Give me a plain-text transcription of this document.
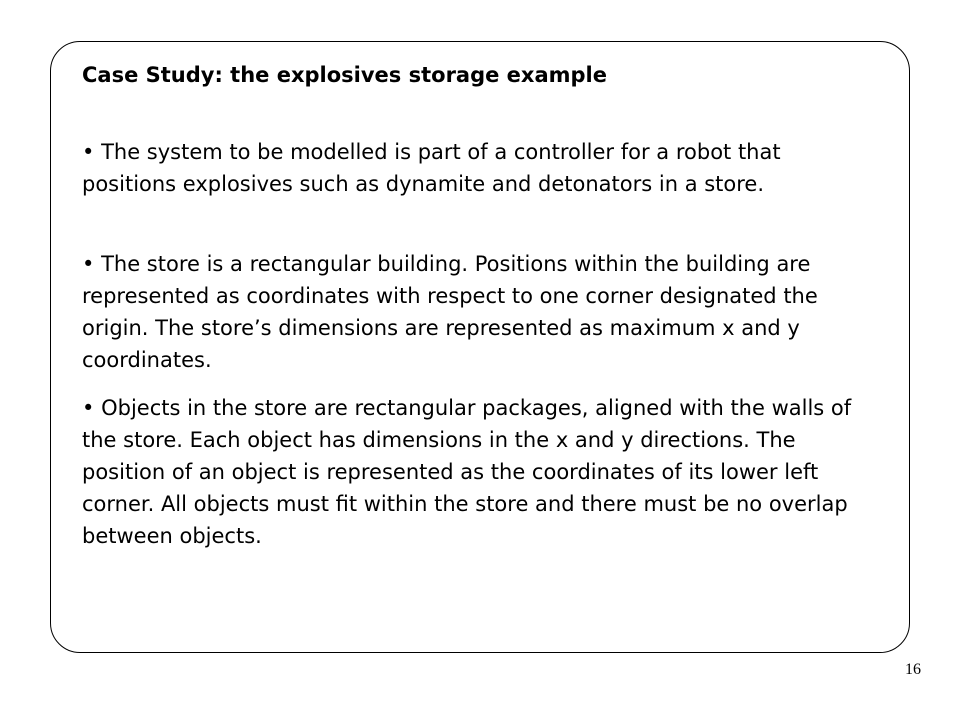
Case Study: the explosives storage example

• The system to be modelled is part of a controller for a robot that positions explosives such as dynamite and detonators in a store.

• The store is a rectangular building. Positions within the building are represented as coordinates with respect to one corner designated the origin. The store’s dimensions are represented as maximum x and y coordinates.

• Objects in the store are rectangular packages, aligned with the walls of the store. Each object has dimensions in the x and y directions. The position of an object is represented as the coordinates of its lower left corner. All objects must fit within the store and there must be no overlap between objects.

16
